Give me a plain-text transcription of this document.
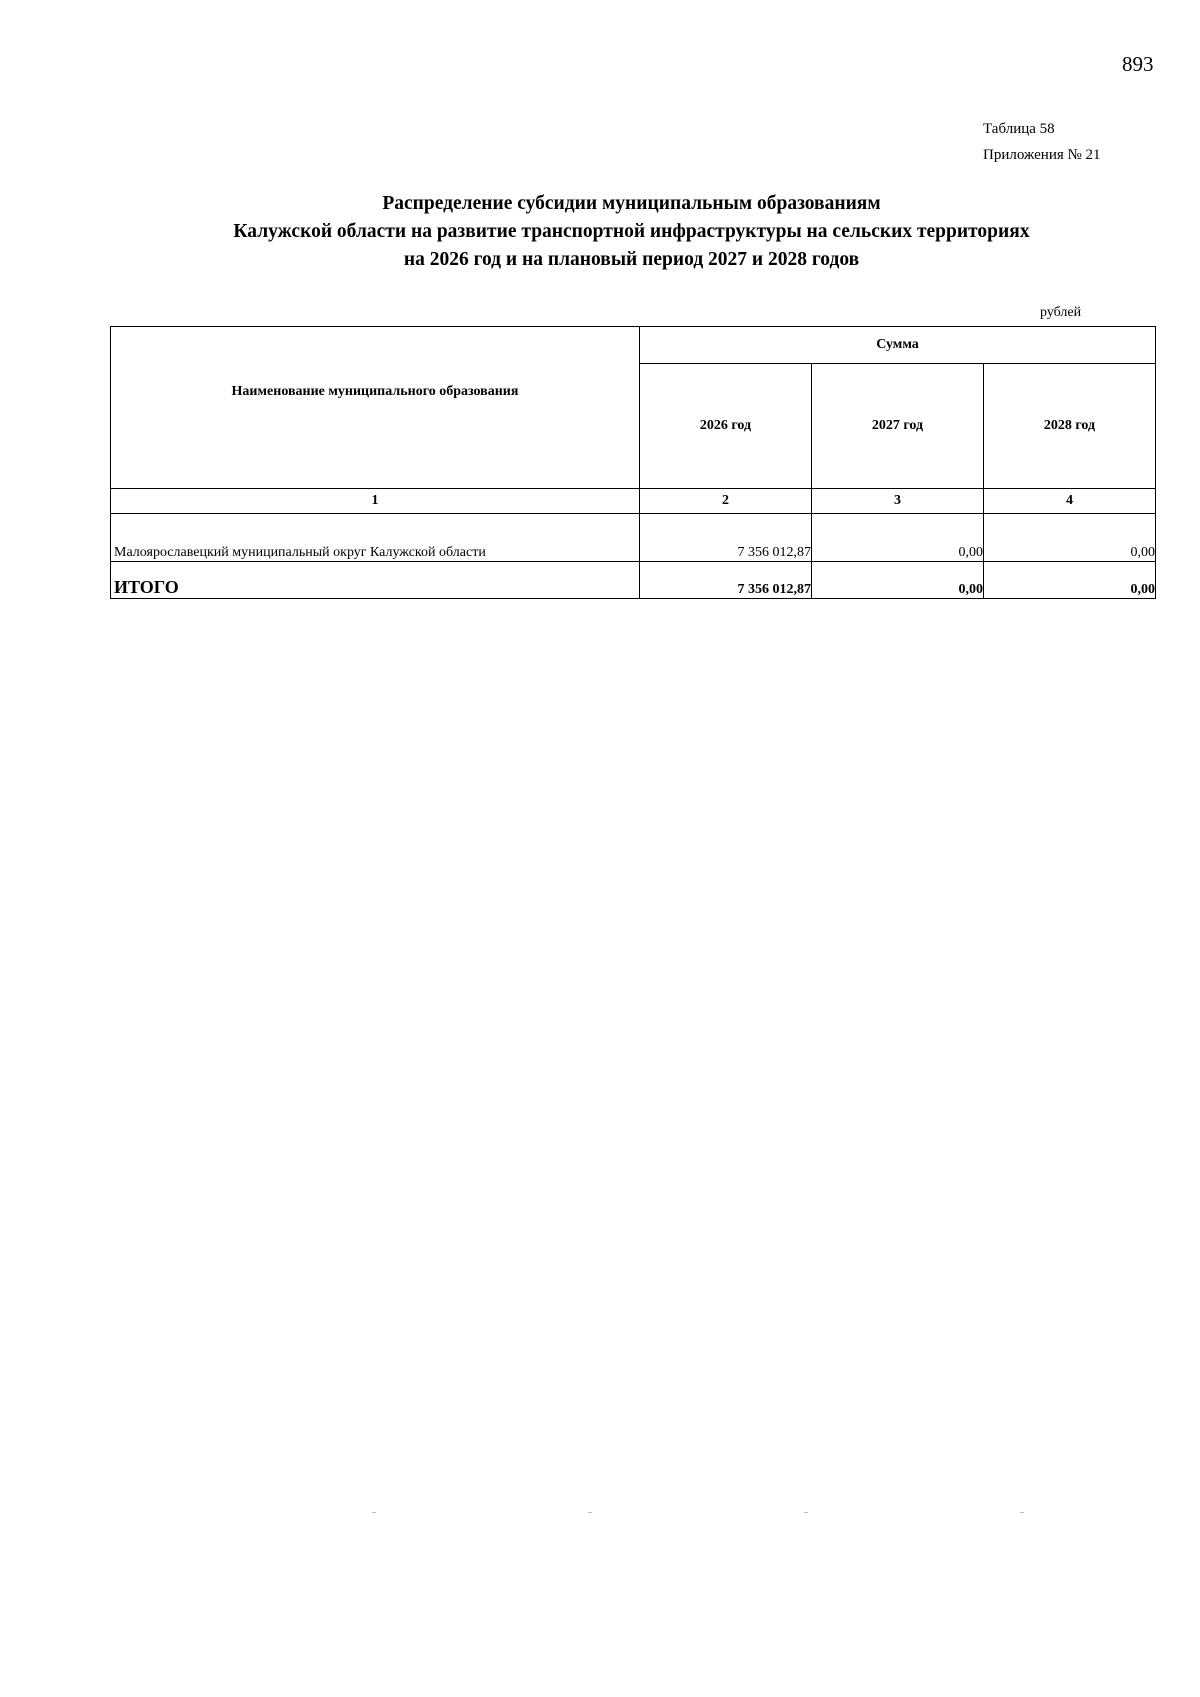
893
Таблица 58
Приложения № 21
Распределение субсидии муниципальным образованиям
Калужской области на развитие транспортной инфраструктуры на сельских территориях
на 2026 год и на плановый период 2027 и 2028 годов
рублей
Наименование муниципального образования	Сумма		
	2026 год	2027 год	2028 год
1	2	3	4
Малоярославецкий муниципальный округ Калужской области	7 356 012,87	0,00	0,00
ИТОГО	7 356 012,87	0,00	0,00
